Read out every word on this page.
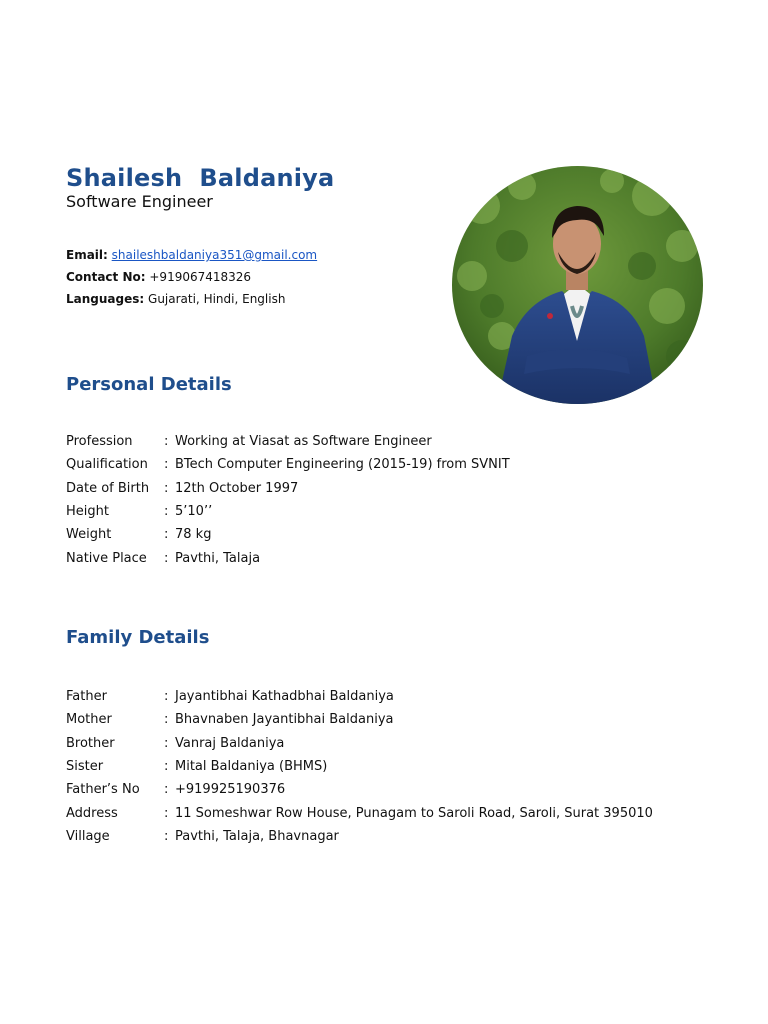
Shailesh  Baldaniya
Software Engineer
Email: shaileshbaldaniya351@gmail.com
Contact No: +919067418326
Languages: Gujarati, Hindi, English
Personal Details
Profession	: Working at Viasat as Software Engineer
Qualification	: BTech Computer Engineering (2015-19) from SVNIT
Date of Birth	: 12th October 1997
Height	: 5’10’’
Weight	: 78 kg
Native Place	: Pavthi, Talaja
Family Details
Father	: Jayantibhai Kathadbhai Baldaniya
Mother	: Bhavnaben Jayantibhai Baldaniya
Brother	: Vanraj Baldaniya
Sister	: Mital Baldaniya (BHMS)
Father’s No	: +919925190376
Address	: 11 Someshwar Row House, Punagam to Saroli Road, Saroli, Surat 395010
Village	: Pavthi, Talaja, Bhavnagar
